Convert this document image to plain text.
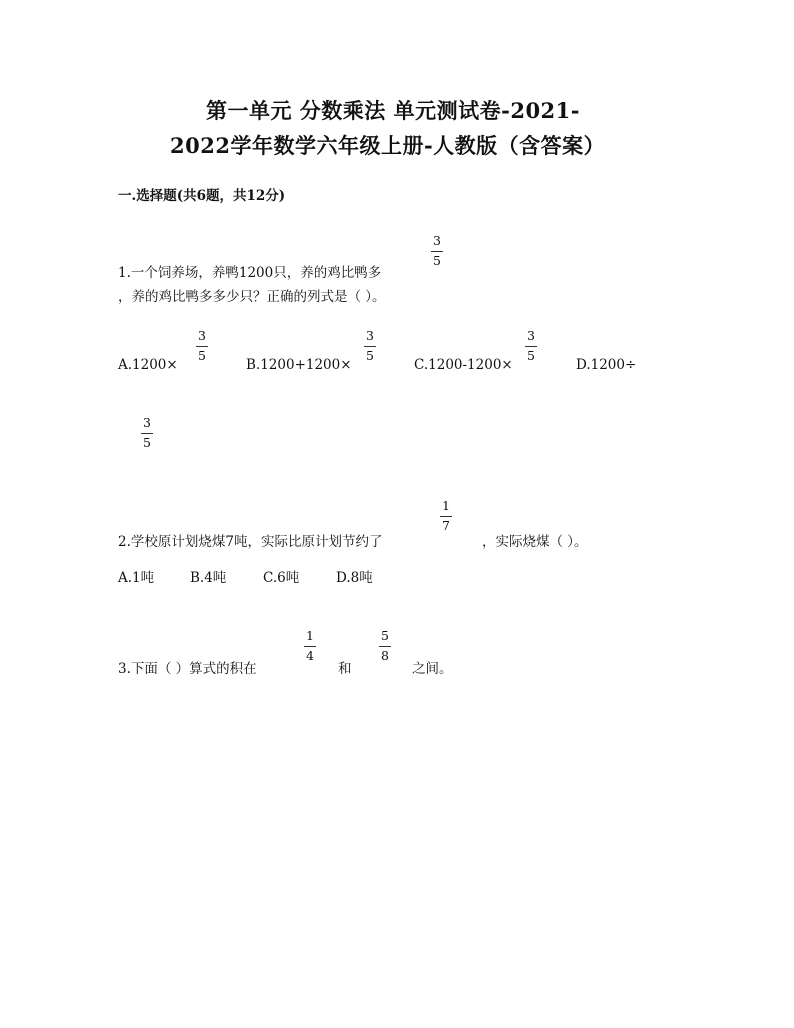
第一单元 分数乘法 单元测试卷-2021-
2022学年数学六年级上册-人教版（含答案）
一.选择题(共6题，共12分)
1.一个饲养场，养鸭1200只，养的鸡比鸭多
3
5
，养的鸡比鸭多多少只？正确的列式是（ ）。
A.1200×
3
5
B.1200+1200×
3
5
C.1200-1200×
3
5
D.1200÷
3
5
2.学校原计划烧煤7吨，实际比原计划节约了
1
7
，实际烧煤（ ）。
A.1吨	B.4吨	C.6吨	D.8吨
3.下面（ ）算式的积在
1
4
和
5
8
之间。
